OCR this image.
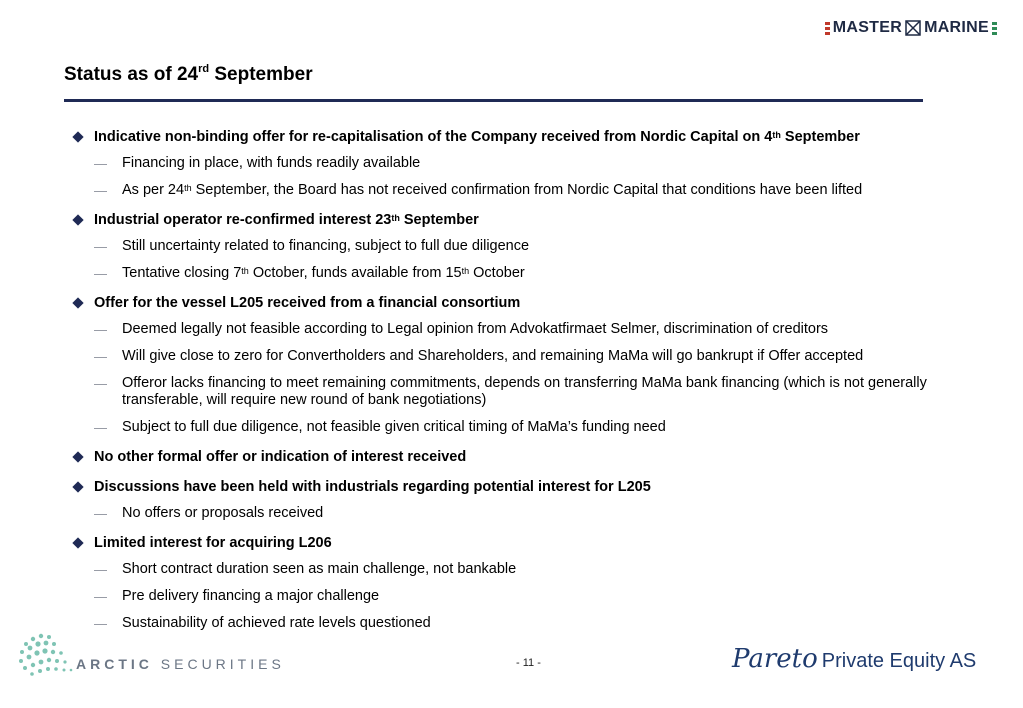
MASTER MARINE
Status as of 24rd September
Indicative non-binding offer for re-capitalisation of the Company received from Nordic Capital on 4th September
— Financing in place, with funds readily available
— As per 24th September, the Board has not received confirmation from Nordic Capital that conditions have been lifted
Industrial operator re-confirmed interest 23th September
— Still uncertainty related to financing, subject to full due diligence
— Tentative closing 7th October, funds available from 15th October
Offer for the vessel L205 received from a financial consortium
— Deemed legally not feasible according to Legal opinion from Advokatfirmaet Selmer, discrimination of creditors
— Will give close to zero for Convertholders and Shareholders, and remaining MaMa will go bankrupt if Offer accepted
— Offeror lacks financing to meet remaining commitments, depends on transferring MaMa bank financing (which is not generally transferable, will require new round of bank negotiations)
— Subject to full due diligence, not feasible given critical timing of MaMa’s funding need
No other formal offer or indication of interest received
Discussions have been held with industrials regarding potential interest for L205
— No offers or proposals received
Limited interest for acquiring L206
— Short contract duration seen as main challenge, not bankable
— Pre delivery financing a major challenge
— Sustainability of achieved rate levels questioned
ARCTIC SECURITIES	- 11 -	Pareto Private Equity AS
